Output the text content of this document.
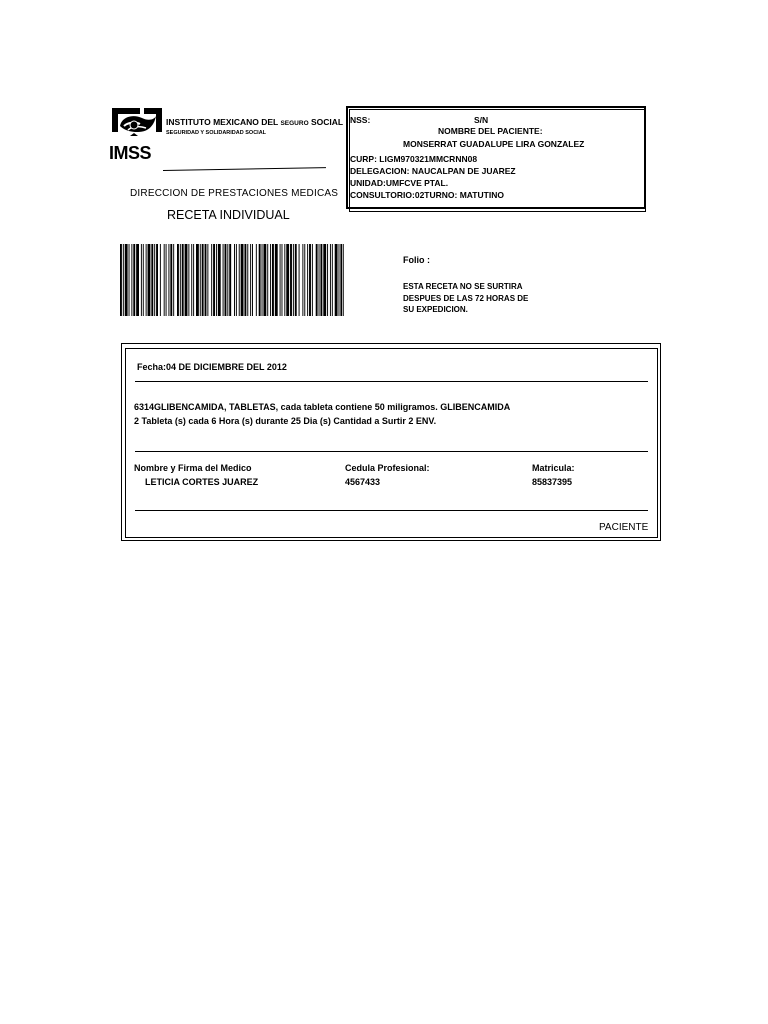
IMSS
INSTITUTO MEXICANO DEL SEGURO SOCIAL
SEGURIDAD Y SOLIDARIDAD SOCIAL
DIRECCION DE PRESTACIONES MEDICAS
RECETA INDIVIDUAL
NSS:	S/N
NOMBRE DEL PACIENTE:
MONSERRAT GUADALUPE LIRA GONZALEZ
CURP: LIGM970321MMCRNN08
DELEGACION: NAUCALPAN DE JUAREZ
UNIDAD:UMFCVE PTAL.
CONSULTORIO:02TURNO: MATUTINO
Folio :
ESTA RECETA NO SE SURTIRA
DESPUES DE LAS 72 HORAS DE
SU EXPEDICION.
Fecha:04 DE DICIEMBRE DEL 2012
6314GLIBENCAMIDA, TABLETAS, cada tableta contiene 50 miligramos. GLIBENCAMIDA
2 Tableta (s) cada 6 Hora (s) durante 25 Dia (s) Cantidad a Surtir 2 ENV.
Nombre y Firma del Medico
LETICIA CORTES JUAREZ
Cedula Profesional:
4567433
Matricula:
85837395
PACIENTE
